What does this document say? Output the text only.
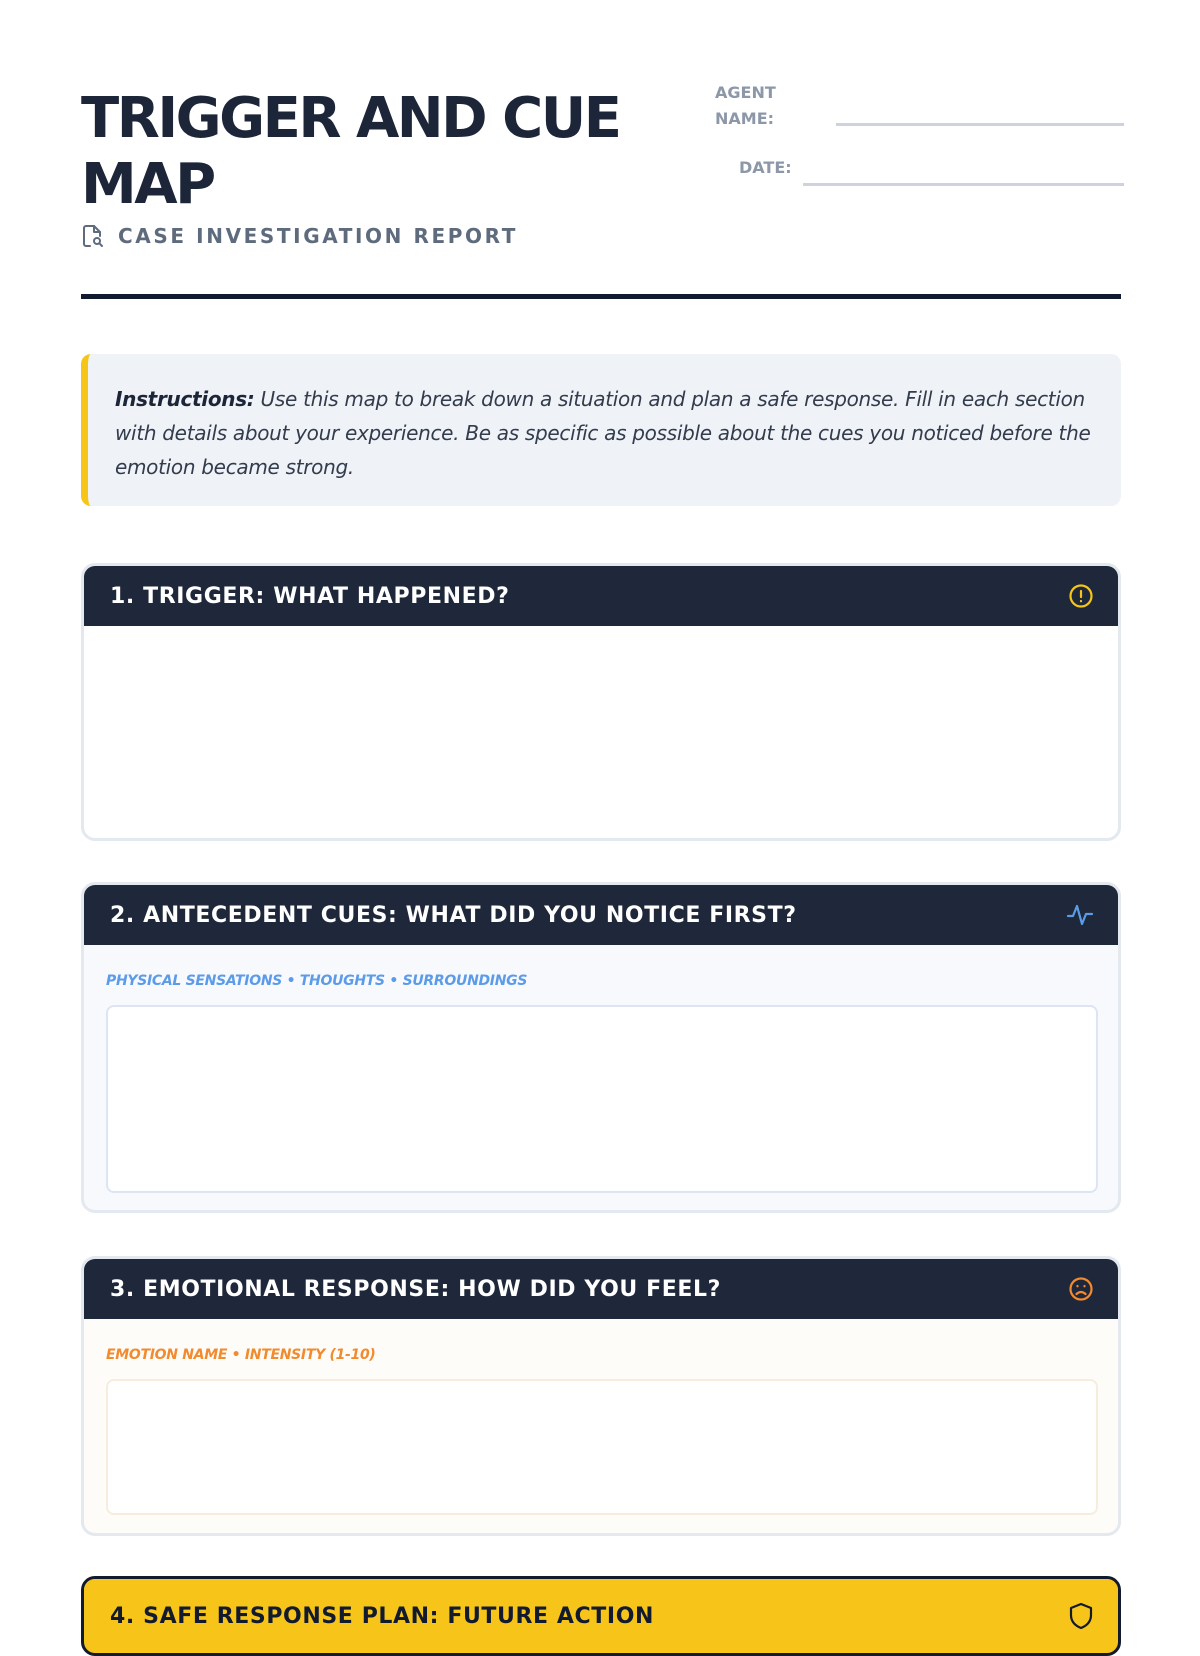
TRIGGER AND CUE MAP
CASE INVESTIGATION REPORT
AGENT
NAME:
DATE:

Instructions: Use this map to break down a situation and plan a safe response. Fill in each section with details about your experience. Be as specific as possible about the cues you noticed before the emotion became strong.

1. TRIGGER: WHAT HAPPENED?
2. ANTECEDENT CUES: WHAT DID YOU NOTICE FIRST?
PHYSICAL SENSATIONS • THOUGHTS • SURROUNDINGS
3. EMOTIONAL RESPONSE: HOW DID YOU FEEL?
EMOTION NAME • INTENSITY (1-10)
4. SAFE RESPONSE PLAN: FUTURE ACTION
